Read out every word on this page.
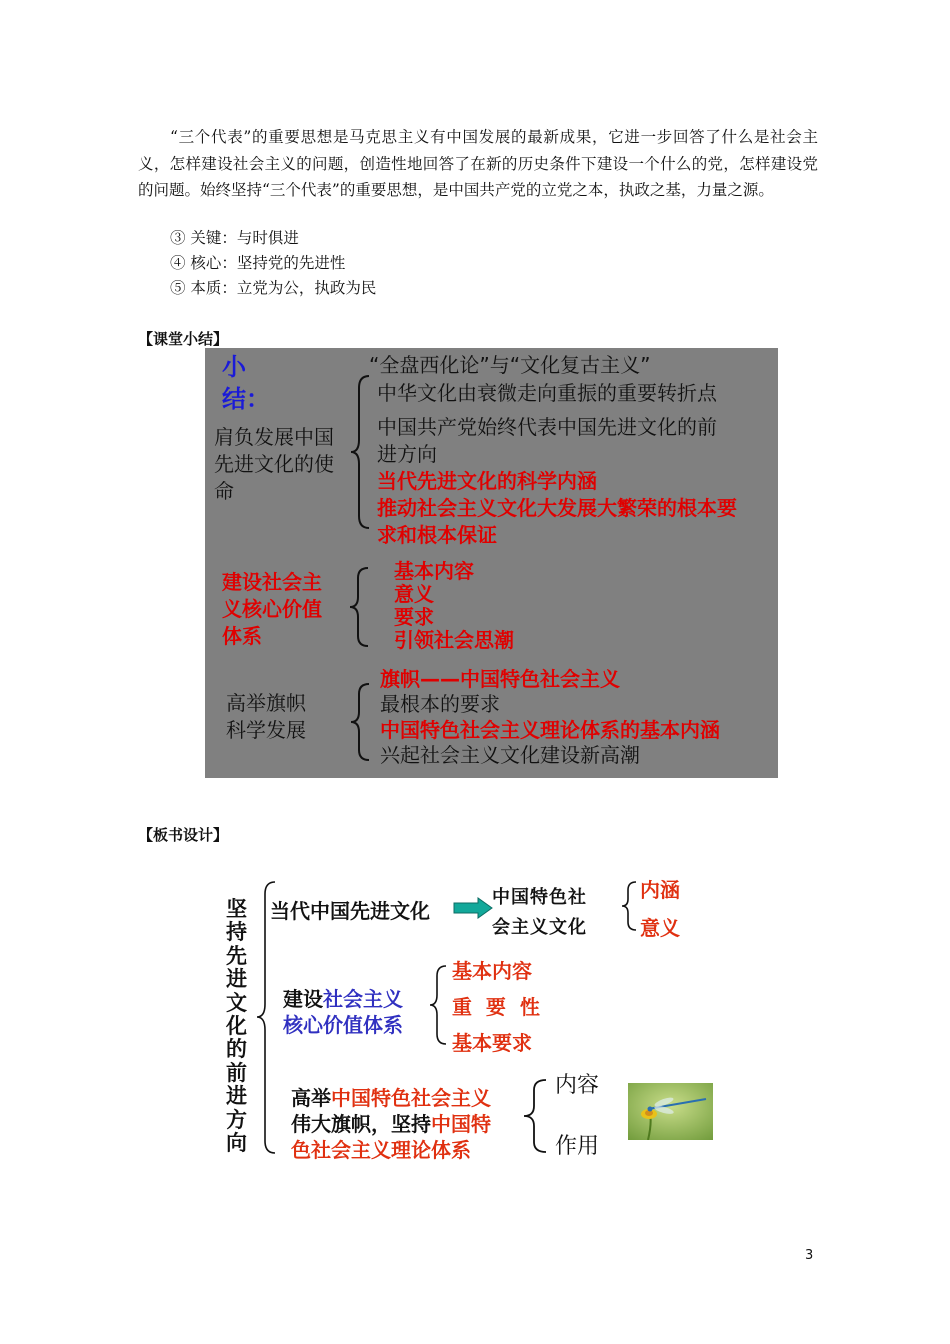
“三个代表”的重要思想是马克思主义有中国发展的最新成果，它进一步回答了什么是社会主义，怎样建设社会主义的问题，创造性地回答了在新的历史条件下建设一个什么的党，怎样建设党的问题。始终坚持“三个代表”的重要思想，是中国共产党的立党之本，执政之基，力量之源。

③ 关键：与时俱进
④ 核心：坚持党的先进性
⑤ 本质：立党为公，执政为民
【课堂小结】
小
结：
肩负发展中国
先进文化的使
命
“全盘西化论”与“文化复古主义”
中华文化由衰微走向重振的重要转折点
中国共产党始终代表中国先进文化的前
进方向
当代先进文化的科学内涵
推动社会主义文化大发展大繁荣的根本要
求和根本保证
建设社会主
义核心价值
体系
基本内容
意义
要求
引领社会思潮
高举旗帜
科学发展
旗帜——中国特色社会主义
最根本的要求
中国特色社会主义理论体系的基本内涵
兴起社会主义文化建设新高潮
【板书设计】
坚持先进文化的前进方向
当代中国先进文化
中国特色社
会主义文化
内涵
意义
建设社会主义
核心价值体系
基本内容
重  要  性
基本要求
高举中国特色社会主义
伟大旗帜，坚持中国特
色社会主义理论体系
内容
作用
3
